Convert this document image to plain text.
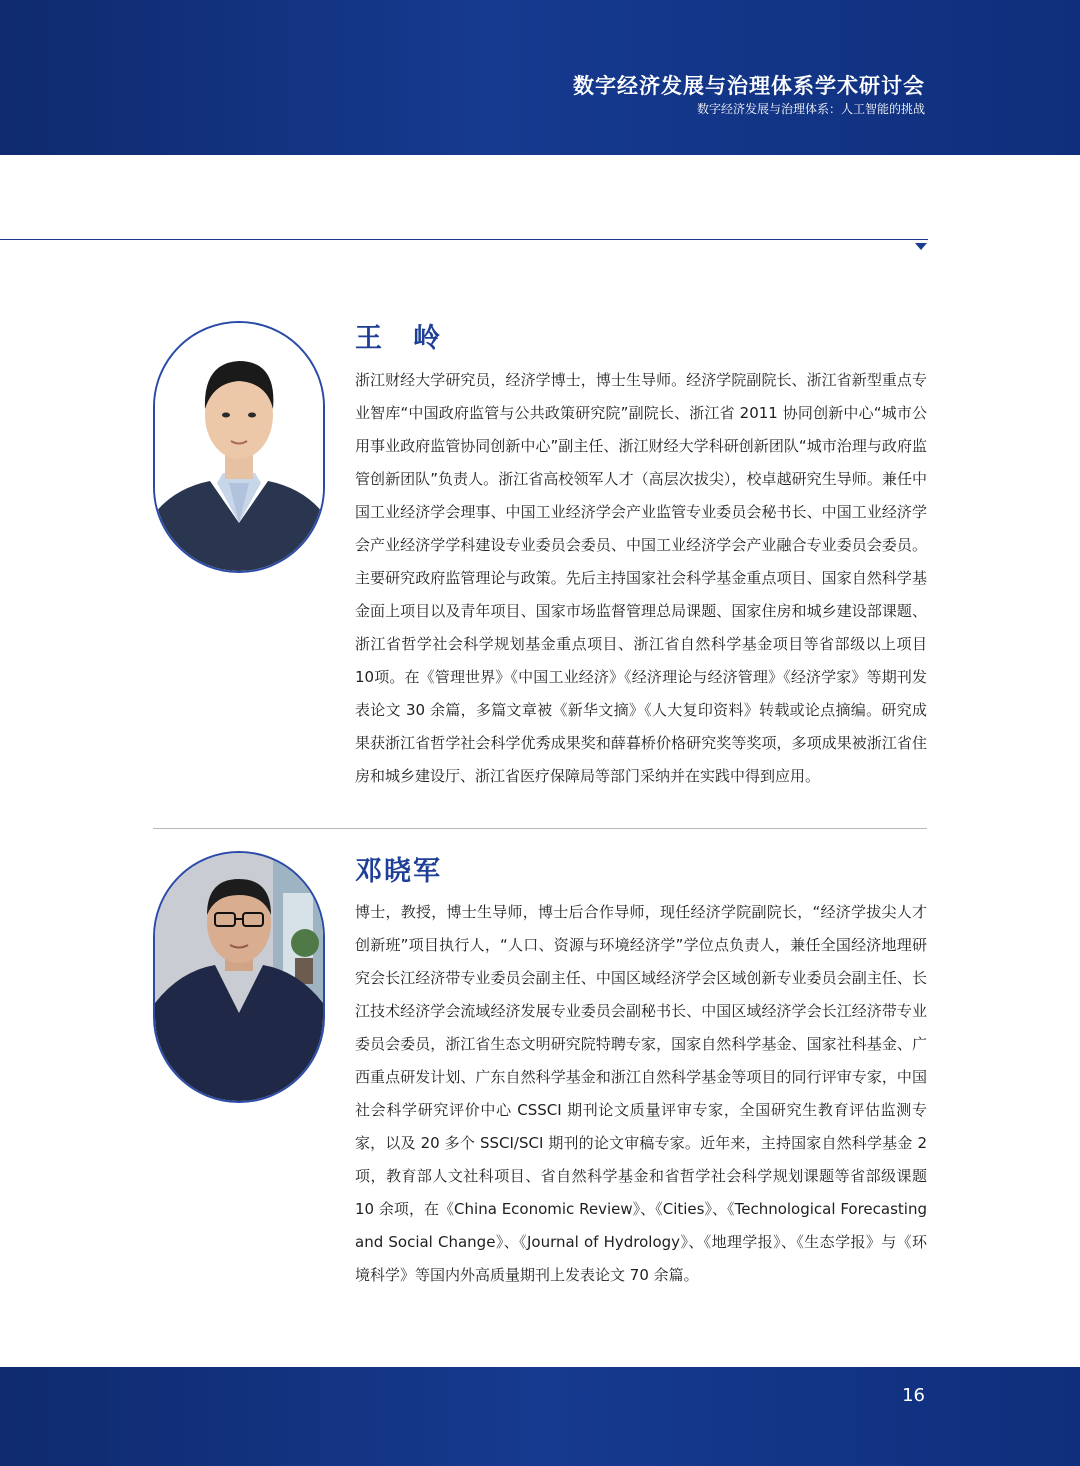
数字经济发展与治理体系学术研讨会
数字经济发展与治理体系：人工智能的挑战
王　岭

浙江财经大学研究员，经济学博士，博士生导师。经济学院副院长、浙江省新型重点专业智库“中国政府监管与公共政策研究院”副院长、浙江省 2011 协同创新中心“城市公用事业政府监管协同创新中心”副主任、浙江财经大学科研创新团队“城市治理与政府监管创新团队”负责人。浙江省高校领军人才（高层次拔尖），校卓越研究生导师。兼任中国工业经济学会理事、中国工业经济学会产业监管专业委员会秘书长、中国工业经济学会产业经济学学科建设专业委员会委员、中国工业经济学会产业融合专业委员会委员。主要研究政府监管理论与政策。先后主持国家社会科学基金重点项目、国家自然科学基金面上项目以及青年项目、国家市场监督管理总局课题、国家住房和城乡建设部课题、浙江省哲学社会科学规划基金重点项目、浙江省自然科学基金项目等省部级以上项目10项。在《管理世界》《中国工业经济》《经济理论与经济管理》《经济学家》等期刊发表论文 30 余篇，多篇文章被《新华文摘》《人大复印资料》转载或论点摘编。研究成果获浙江省哲学社会科学优秀成果奖和薛暮桥价格研究奖等奖项，多项成果被浙江省住房和城乡建设厅、浙江省医疗保障局等部门采纳并在实践中得到应用。

邓晓军

博士，教授，博士生导师，博士后合作导师，现任经济学院副院长，“经济学拔尖人才创新班”项目执行人，“人口、资源与环境经济学”学位点负责人，兼任全国经济地理研究会长江经济带专业委员会副主任、中国区域经济学会区域创新专业委员会副主任、长江技术经济学会流域经济发展专业委员会副秘书长、中国区域经济学会长江经济带专业委员会委员，浙江省生态文明研究院特聘专家，国家自然科学基金、国家社科基金、广西重点研发计划、广东自然科学基金和浙江自然科学基金等项目的同行评审专家，中国社会科学研究评价中心 CSSCI 期刊论文质量评审专家，全国研究生教育评估监测专家，以及 20 多个 SSCI/SCI 期刊的论文审稿专家。近年来，主持国家自然科学基金 2 项，教育部人文社科项目、省自然科学基金和省哲学社会科学规划课题等省部级课题 10 余项，在《China Economic Review》、《Cities》、《Technological Forecasting and Social Change》、《Journal of Hydrology》、《地理学报》、《生态学报》与《环境科学》等国内外高质量期刊上发表论文 70 余篇。

16
